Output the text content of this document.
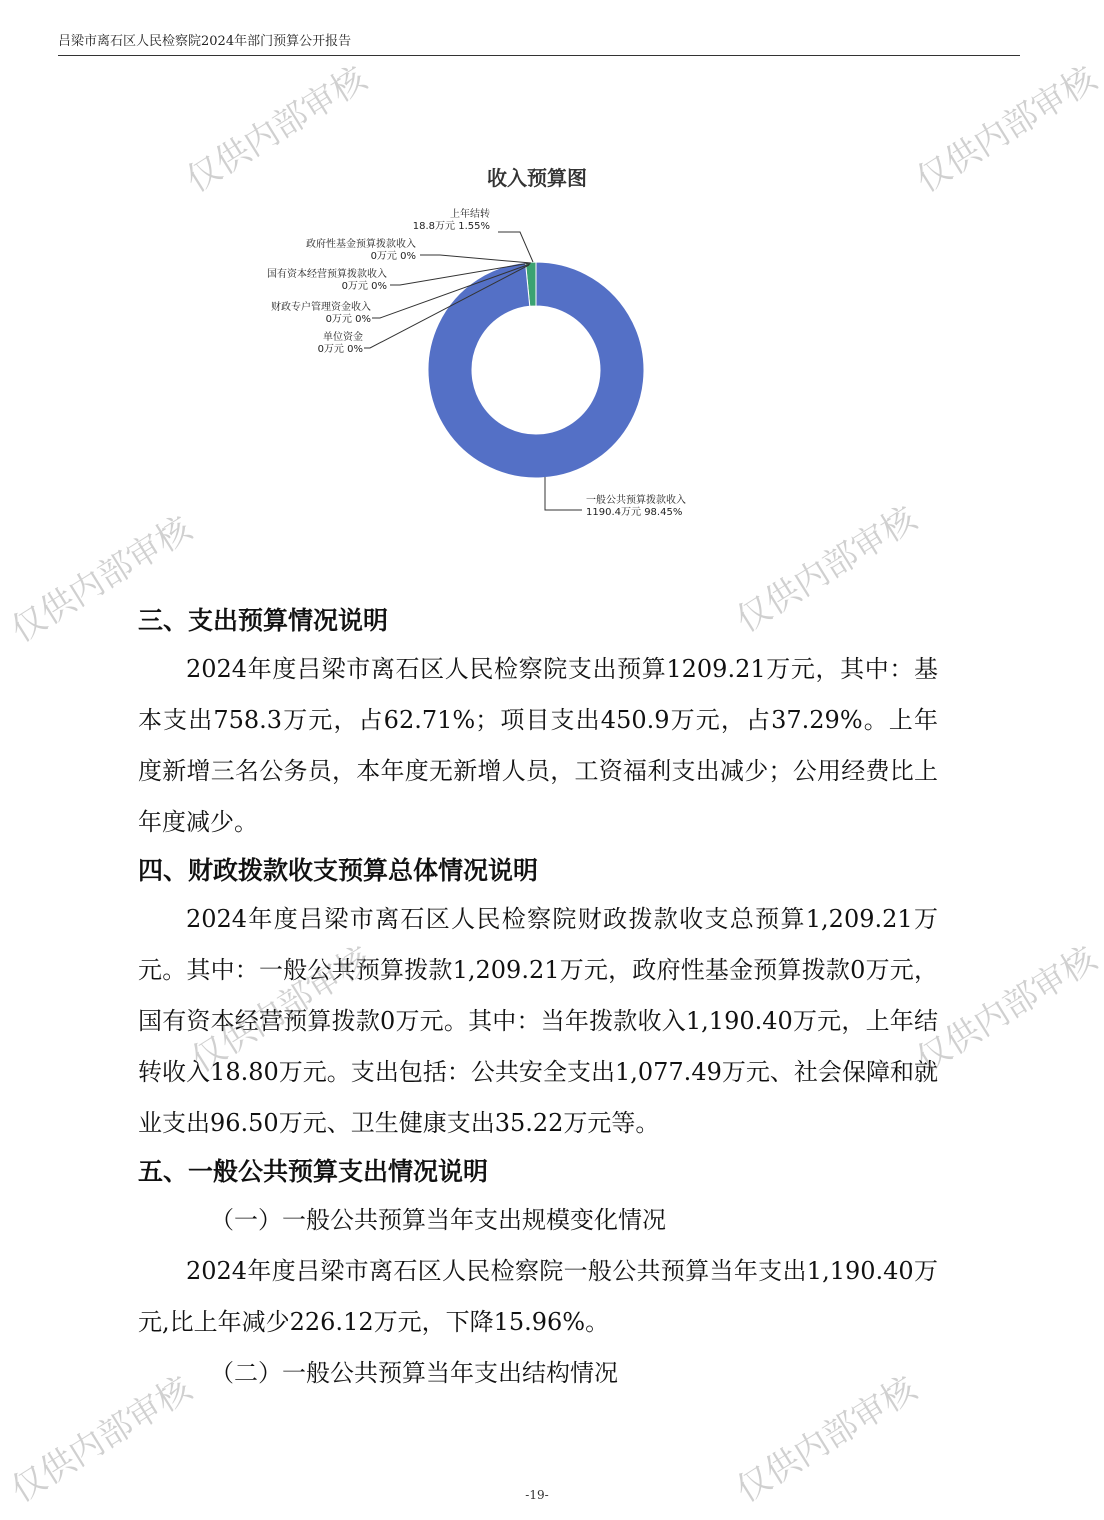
吕梁市离石区人民检察院2024年部门预算公开报告
收入预算图
上年结转
18.8万元 1.55%
政府性基金预算拨款收入
0万元 0%
国有资本经营预算拨款收入
0万元 0%
财政专户管理资金收入
0万元 0%
单位资金
0万元 0%
一般公共预算拨款收入
1190.4万元 98.45%
三、支出预算情况说明

2024年度吕梁市离石区人民检察院支出预算1209.21万元，其中：基本支出758.3万元，占62.71%；项目支出450.9万元，占37.29%。上年度新增三名公务员，本年度无新增人员，工资福利支出减少；公用经费比上年度减少。

四、财政拨款收支预算总体情况说明

2024年度吕梁市离石区人民检察院财政拨款收支总预算1,209.21万元。其中：一般公共预算拨款1,209.21万元，政府性基金预算拨款0万元，国有资本经营预算拨款0万元。其中：当年拨款收入1,190.40万元，上年结转收入18.80万元。支出包括：公共安全支出1,077.49万元、社会保障和就业支出96.50万元、卫生健康支出35.22万元等。

五、一般公共预算支出情况说明

（一）一般公共预算当年支出规模变化情况

2024年度吕梁市离石区人民检察院一般公共预算当年支出1,190.40万元,比上年减少226.12万元，下降15.96%。

（二）一般公共预算当年支出结构情况

-19-
仅供内部审核	仅供内部审核
仅供内部审核	仅供内部审核
仅供内部审核	仅供内部审核
仅供内部审核	仅供内部审核
